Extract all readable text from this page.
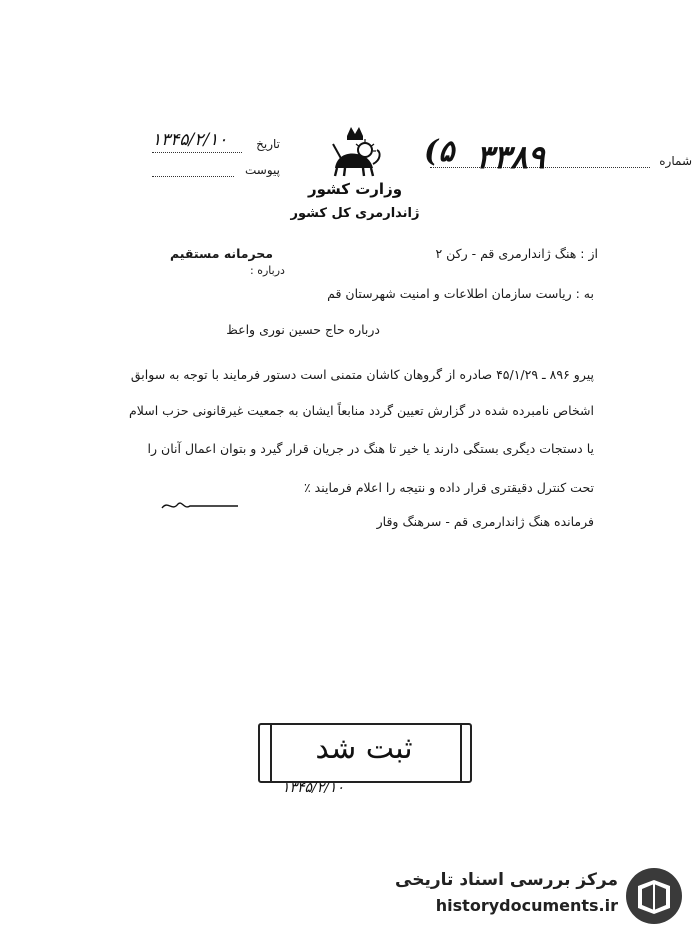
شماره
۳۳۸۹
(۵
تاریخ
۱۳۴۵/۲/۱۰
پیوست
وزارت کشور
ژاندارمری کل کشور
از : هنگ ژاندارمری قم - رکن ۲
محرمانه مستقیم
درباره :
به : ریاست سازمان اطلاعات و امنیت شهرستان قم
درباره حاج حسین نوری واعظ
پیرو ۸۹۶ ـ ۴۵/۱/۲۹ صادره از گروهان کاشان متمنی است دستور فرمایند با توجه به سوابق
اشخاص نامبرده شده در گزارش تعیین گردد منابعاً ایشان به جمعیت غیرقانونی حزب اسلام
یا دستجات دیگری بستگی دارند یا خیر تا هنگ در جریان قرار گیرد و بتوان اعمال آنان را
تحت کنترل دقیقتری قرار داده و نتیجه را اعلام فرمایند ٪
فرمانده هنگ ژاندارمری قم - سرهنگ وقار
ثبت شد
۱۳۴۵/۲/۱۰
مرکز بررسی اسناد تاریخی
historydocuments.ir
